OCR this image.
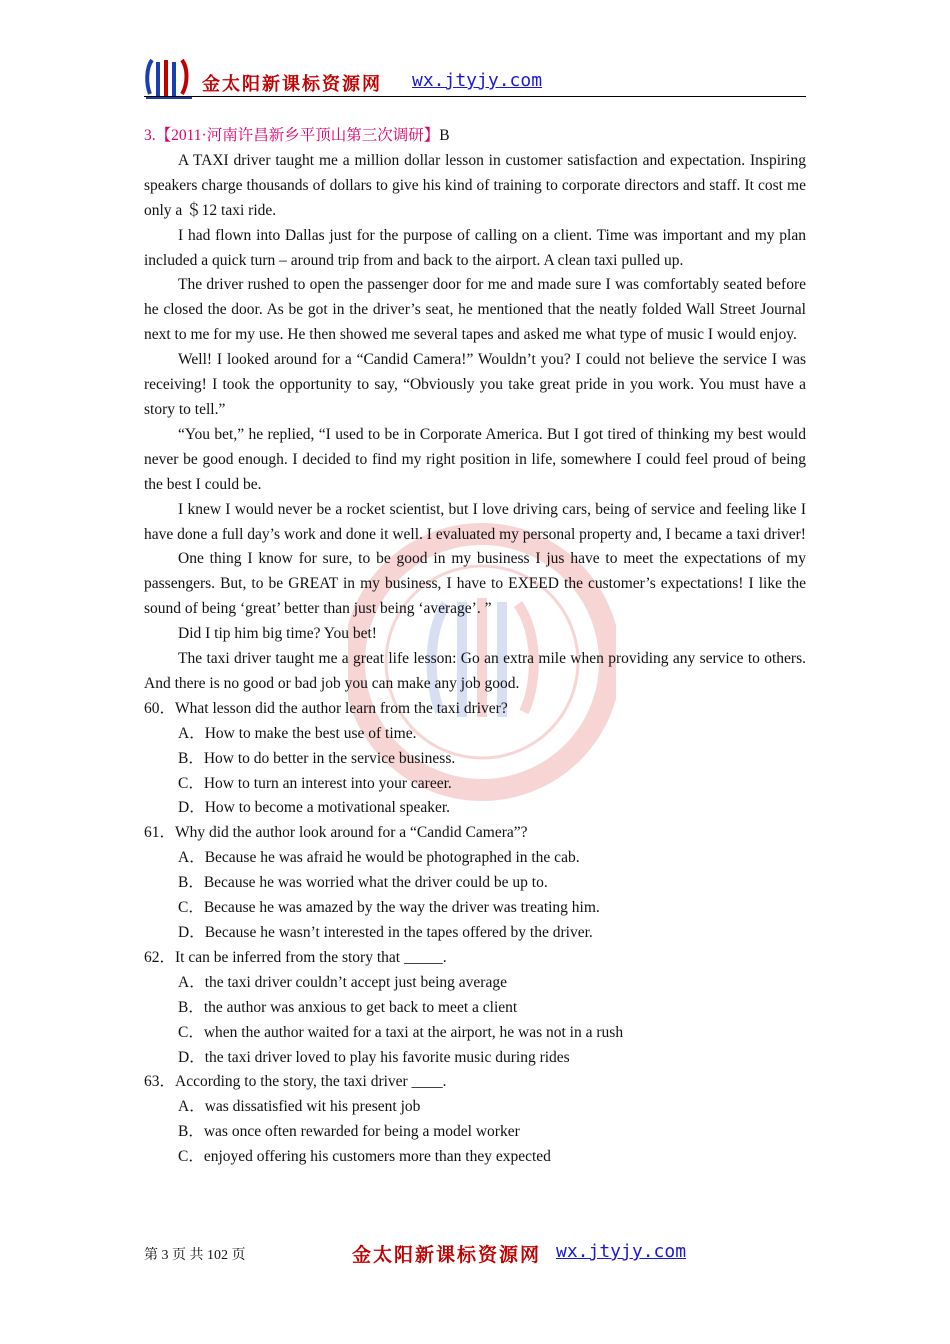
金太阳新课标资源网 wx.jtyjy.com

3.【2011·河南许昌新乡平顶山第三次调研】B

A TAXI driver taught me a million dollar lesson in customer satisfaction and expectation. Inspiring speakers charge thousands of dollars to give his kind of training to corporate directors and staff. It cost me only a ＄12 taxi ride.

I had flown into Dallas just for the purpose of calling on a client. Time was important and my plan included a quick turn – around trip from and back to the airport. A clean taxi pulled up.

The driver rushed to open the passenger door for me and made sure I was comfortably seated before he closed the door. As be got in the driver’s seat, he mentioned that the neatly folded Wall Street Journal next to me for my use. He then showed me several tapes and asked me what type of music I would enjoy.

Well! I looked around for a “Candid Camera!” Wouldn’t you? I could not believe the service I was receiving! I took the opportunity to say, “Obviously you take great pride in you work. You must have a story to tell.”

“You bet,” he replied, “I used to be in Corporate America. But I got tired of thinking my best would never be good enough. I decided to find my right position in life, somewhere I could feel proud of being the best I could be.

I knew I would never be a rocket scientist, but I love driving cars, being of service and feeling like I have done a full day’s work and done it well. I evaluated my personal property and, I became a taxi driver!

One thing I know for sure, to be good in my business I jus have to meet the expectations of my passengers. But, to be GREAT in my business, I have to EXEED the customer’s expectations! I like the sound of being ‘great’ better than just being ‘average’. ”

Did I tip him big time? You bet!

The taxi driver taught me a great life lesson: Go an extra mile when providing any service to others. And there is no good or bad job you can make any job good.

60．What lesson did the author learn from the taxi driver?

A．How to make the best use of time.

B．How to do better in the service business.

C．How to turn an interest into your career.

D．How to become a motivational speaker.

61．Why did the author look around for a “Candid Camera”?

A．Because he was afraid he would be photographed in the cab.

B．Because he was worried what the driver could be up to.

C．Because he was amazed by the way the driver was treating him.

D．Because he wasn’t interested in the tapes offered by the driver.

62．It can be inferred from the story that _____.

A．the taxi driver couldn’t accept just being average

B．the author was anxious to get back to meet a client

C．when the author waited for a taxi at the airport, he was not in a rush

D．the taxi driver loved to play his favorite music during rides

63．According to the story, the taxi driver ____.

A．was dissatisfied wit his present job

B．was once often rewarded for being a model worker

C．enjoyed offering his customers more than they expected

第 3 页 共 102 页	金太阳新课标资源网 wx.jtyjy.com
